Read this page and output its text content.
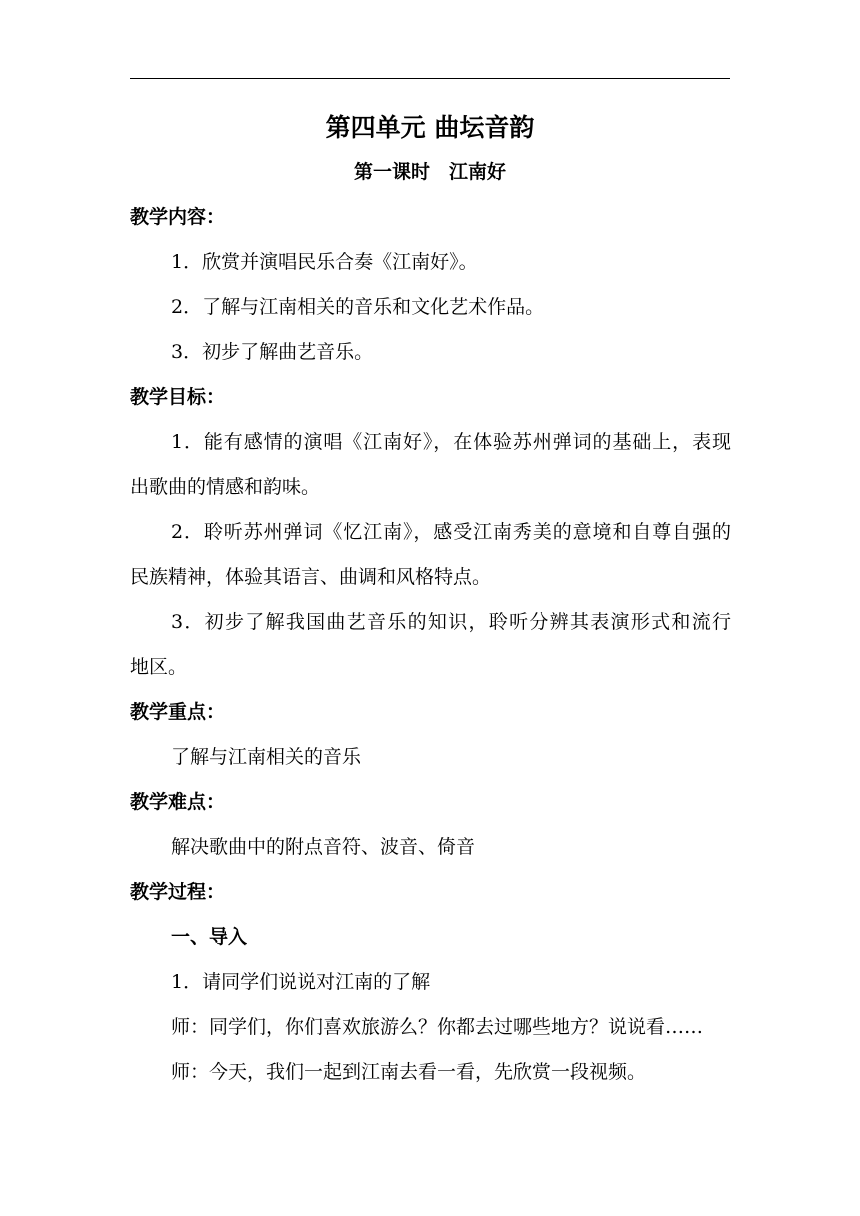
第四单元 曲坛音韵
第一课时　江南好
教学内容：
1．欣赏并演唱民乐合奏《江南好》。
2．了解与江南相关的音乐和文化艺术作品。
3．初步了解曲艺音乐。
教学目标：
1．能有感情的演唱《江南好》，在体验苏州弹词的基础上，表现
出歌曲的情感和韵味。
2．聆听苏州弹词《忆江南》，感受江南秀美的意境和自尊自强的
民族精神，体验其语言、曲调和风格特点。
3．初步了解我国曲艺音乐的知识，聆听分辨其表演形式和流行
地区。
教学重点：
了解与江南相关的音乐
教学难点：
解决歌曲中的附点音符、波音、倚音
教学过程：
一、导入
1．请同学们说说对江南的了解
师：同学们，你们喜欢旅游么？你都去过哪些地方？说说看……
师：今天，我们一起到江南去看一看，先欣赏一段视频。
